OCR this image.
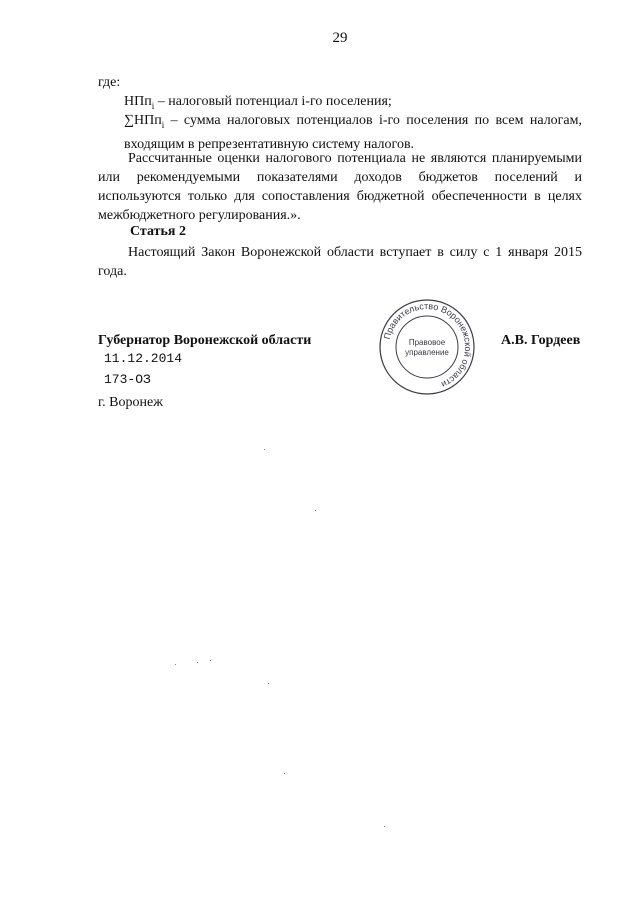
29
где:
НПп$_i$ – налоговый потенциал i-го поселения;
∑НПп$_i$ – сумма налоговых потенциалов i-го поселения по всем налогам, входящим в репрезентативную систему налогов.
Рассчитанные оценки налогового потенциала не являются планируемыми или рекомендуемыми показателями доходов бюджетов поселений и используются только для сопоставления бюджетной обеспеченности в целях межбюджетного регулирования.».
Статья 2
Настоящий Закон Воронежской области вступает в силу с 1 января 2015 года.
Губернатор Воронежской области	Правительство Воронежской области
Правовое
управление
А.В. Гордеев
11.12.2014
173-ОЗ
г. Воронеж
